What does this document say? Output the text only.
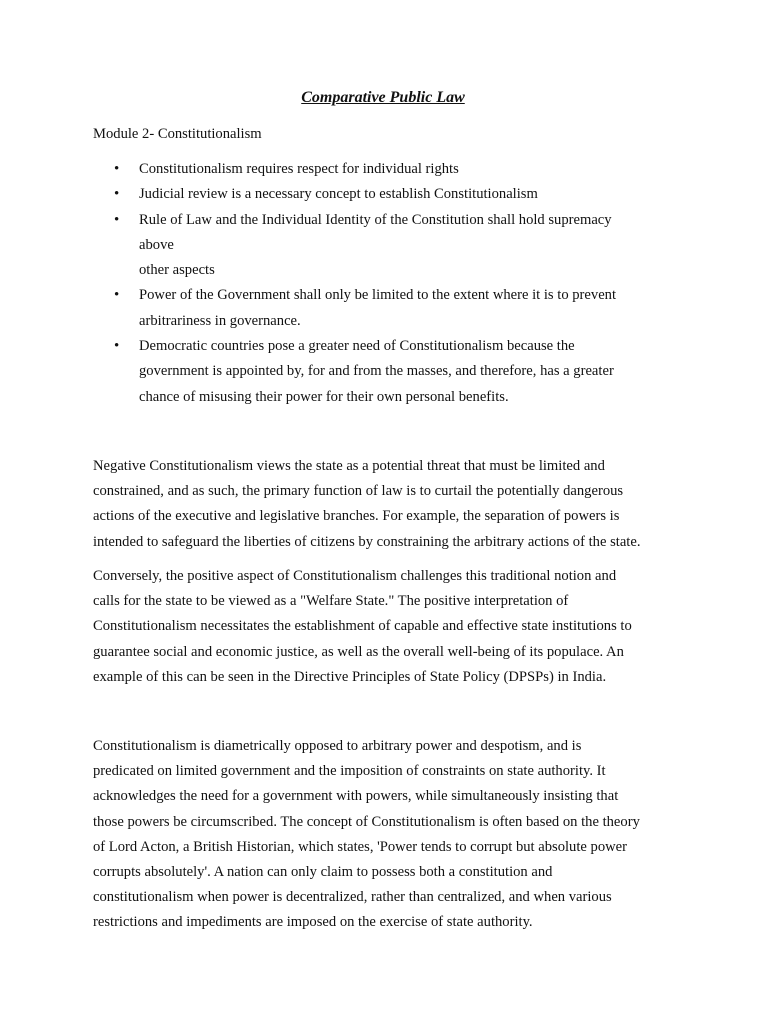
Comparative Public Law
Module 2- Constitutionalism
• Constitutionalism requires respect for individual rights
• Judicial review is a necessary concept to establish Constitutionalism
• Rule of Law and the Individual Identity of the Constitution shall hold supremacy
above
other aspects
• Power of the Government shall only be limited to the extent where it is to prevent
arbitrariness in governance.
• Democratic countries pose a greater need of Constitutionalism because the
government is appointed by, for and from the masses, and therefore, has a greater
chance of misusing their power for their own personal benefits.

Negative Constitutionalism views the state as a potential threat that must be limited and
constrained, and as such, the primary function of law is to curtail the potentially dangerous
actions of the executive and legislative branches. For example, the separation of powers is
intended to safeguard the liberties of citizens by constraining the arbitrary actions of the state.

Conversely, the positive aspect of Constitutionalism challenges this traditional notion and
calls for the state to be viewed as a "Welfare State." The positive interpretation of
Constitutionalism necessitates the establishment of capable and effective state institutions to
guarantee social and economic justice, as well as the overall well-being of its populace. An
example of this can be seen in the Directive Principles of State Policy (DPSPs) in India.

Constitutionalism is diametrically opposed to arbitrary power and despotism, and is
predicated on limited government and the imposition of constraints on state authority. It
acknowledges the need for a government with powers, while simultaneously insisting that
those powers be circumscribed. The concept of Constitutionalism is often based on the theory
of Lord Acton, a British Historian, which states, 'Power tends to corrupt but absolute power
corrupts absolutely'. A nation can only claim to possess both a constitution and
constitutionalism when power is decentralized, rather than centralized, and when various
restrictions and impediments are imposed on the exercise of state authority.
